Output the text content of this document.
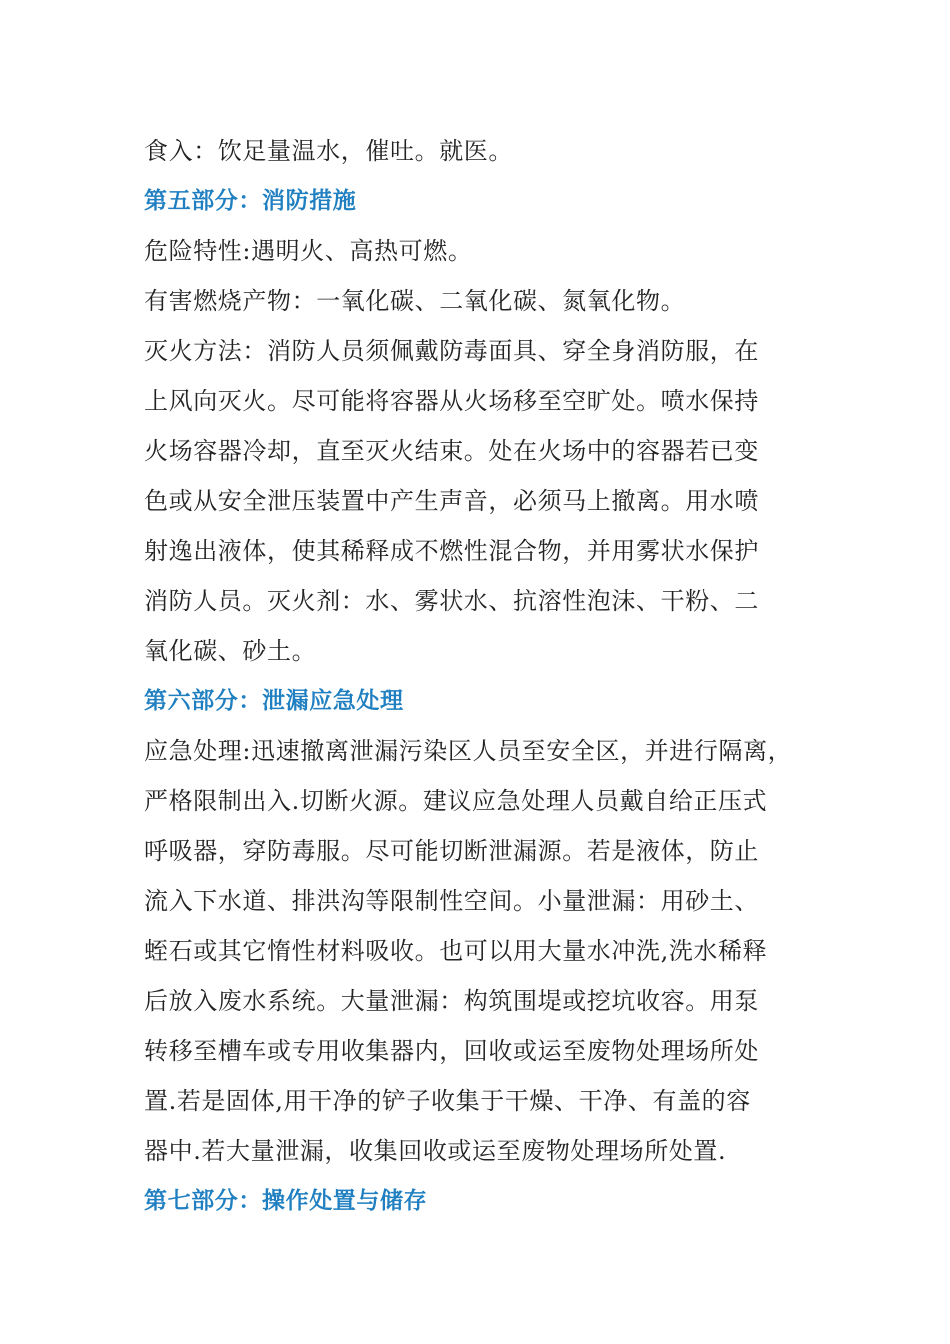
食入：饮足量温水，催吐。就医。
第五部分：消防措施
危险特性:遇明火、高热可燃。
有害燃烧产物：一氧化碳、二氧化碳、氮氧化物。
灭火方法：消防人员须佩戴防毒面具、穿全身消防服，在
上风向灭火。尽可能将容器从火场移至空旷处。喷水保持
火场容器冷却，直至灭火结束。处在火场中的容器若已变
色或从安全泄压装置中产生声音，必须马上撤离。用水喷
射逸出液体，使其稀释成不燃性混合物，并用雾状水保护
消防人员。灭火剂：水、雾状水、抗溶性泡沫、干粉、二
氧化碳、砂土。
第六部分：泄漏应急处理
应急处理:迅速撤离泄漏污染区人员至安全区，并进行隔离，
严格限制出入.切断火源。建议应急处理人员戴自给正压式
呼吸器，穿防毒服。尽可能切断泄漏源。若是液体，防止
流入下水道、排洪沟等限制性空间。小量泄漏：用砂土、
蛭石或其它惰性材料吸收。也可以用大量水冲洗,洗水稀释
后放入废水系统。大量泄漏：构筑围堤或挖坑收容。用泵
转移至槽车或专用收集器内，回收或运至废物处理场所处
置.若是固体,用干净的铲子收集于干燥、干净、有盖的容
器中.若大量泄漏，收集回收或运至废物处理场所处置.
第七部分：操作处置与储存
